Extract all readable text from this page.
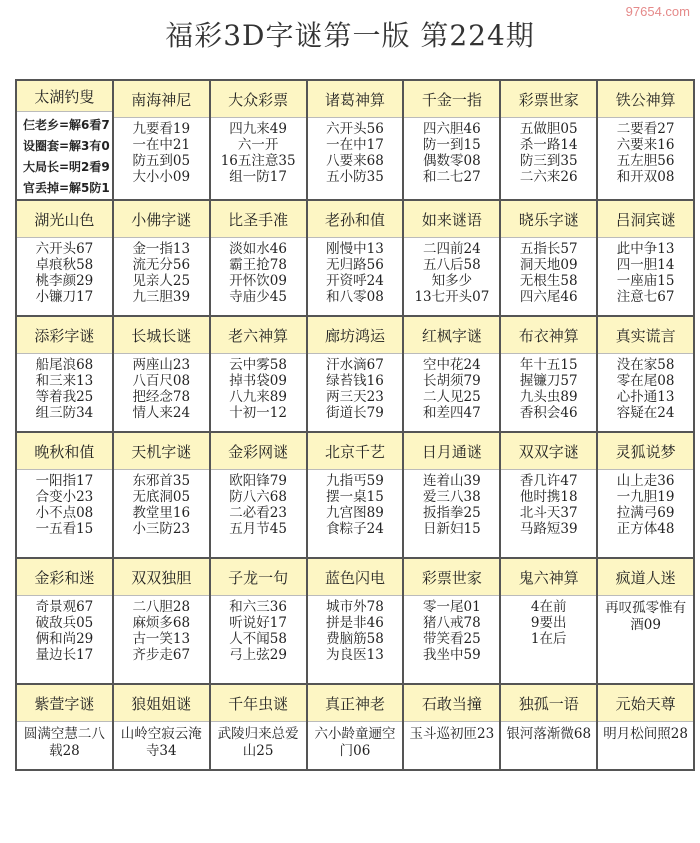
97654.com
福彩3D字谜第一版 第224期
太湖钓叟
仨老乡=解6看7
设圈套=解3有0
大局长=明2看9
官丢掉=解5防1
南海神尼
九要看19
一在中21
防五到05
大小小09
大众彩票
四九来49
六一开
16五注意35
组一防17
诸葛神算
六开头56
一在中17
八要来68
五小防35
千金一指
四六胆46
防一到15
偶数零08
和二七27
彩票世家
五做胆05
杀一路14
防三到35
二六来26
铁公神算
二要看27
六要来16
五左胆56
和开双08
湖光山色
六开头67
卓痕秋58
桃李颜29
小镰刀17
小佛字谜
金一指13
流无分56
见亲人25
九三胆39
比圣手准
淡如水46
霸王抢78
开怀饮09
寺庙少45
老孙和值
刚慢中13
无归路56
开资呼24
和八零08
如来谜语
二四前24
五八后58
知多少
13七开头07
晓乐字谜
五指长57
洞天地09
无根生58
四六尾46
吕洞宾谜
此中争13
四一胆14
一座庙15
注意七67
添彩字谜
船尾浪68
和三来13
等着我25
组三防34
长城长谜
两座山23
八百尺08
把经念78
情人来24
老六神算
云中雾58
掉书袋09
八九来89
十初一12
廊坊鸿运
汗水滴67
绿苔钱16
两三天23
街道长79
红枫字谜
空中花24
长胡须79
二人见25
和差四47
布衣神算
年十五15
握镰刀57
九头虫89
香积会46
真实谎言
没在家58
零在尾08
心扑通13
容疑在24
晚秋和值
一阳指17
合变小23
小不点08
一五看15
天机字谜
东邪首35
无底洞05
教堂里16
小三防23
金彩网谜
欧阳锋79
防八六68
二必看23
五月节45
北京千艺
九指丐59
摆一桌15
九宫图89
食粽子24
日月通谜
连着山39
爱三八38
扳指拳25
日新妇15
双双字谜
香几许47
他时携18
北斗天37
马路短39
灵狐说梦
山上走36
一九胆19
拉满弓69
正方体48
金彩和迷
奇景观67
破敌兵05
俩和尚29
量边长17
双双独胆
二八胆28
麻烦多68
古一笑13
齐步走67
子龙一句
和六三36
听说好17
人不闻58
弓上弦29
蓝色闪电
城市外78
拼是非46
费脑筋58
为良医13
彩票世家
零一尾01
猪八戒78
带笑看25
我坐中59
鬼六神算
4在前
9要出
1在后
疯道人迷
再叹孤零惟有酒09
紫萱字谜
圆满空慧二八载28
狼姐姐谜
山岭空寂云淹寺34
千年虫谜
武陵归来总爱山25
真正神老
六小龄童逦空门06
石敢当撞
玉斗巡初匝23
独孤一语
银河落渐微68
元始天尊
明月松间照28
